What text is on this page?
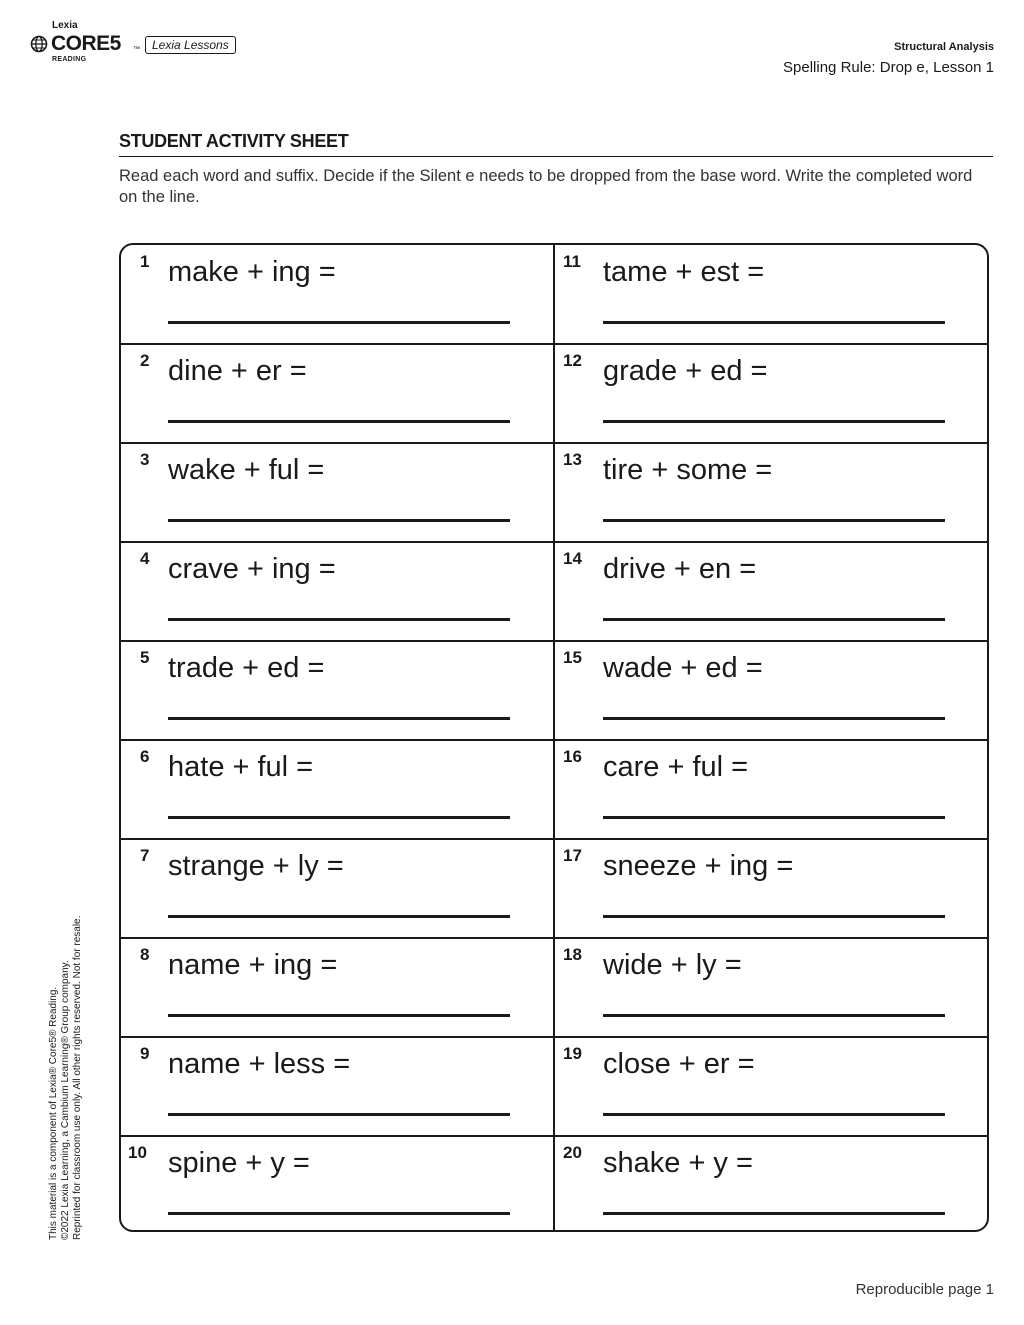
Lexia
CORE5 ™
READING
Lexia Lessons	Structural Analysis
Spelling Rule: Drop e, Lesson 1
STUDENT ACTIVITY SHEET
Read each word and suffix. Decide if the Silent e needs to be dropped from the base word. Write the completed word on the line.
1 make + ing =
2 dine + er =
3 wake + ful =
4 crave + ing =
5 trade + ed =
6 hate + ful =
7 strange + ly =
8 name + ing =
9 name + less =
10 spine + y =
11 tame + est =
12 grade + ed =
13 tire + some =
14 drive + en =
15 wade + ed =
16 care + ful =
17 sneeze + ing =
18 wide + ly =
19 close + er =
20 shake + y =
This material is a component of Lexia® Core5® Reading. ©2022 Lexia Learning, a Cambium Learning® Group company. Reprinted for classroom use only. All other rights reserved. Not for resale.
Reproducible page 1
